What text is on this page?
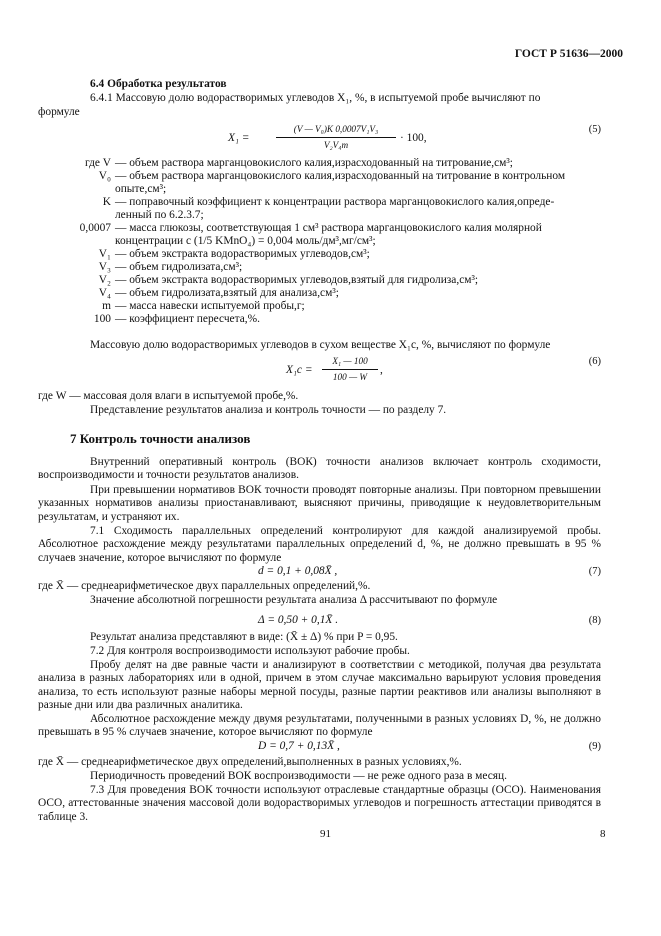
ГОСТ Р 51636—2000
6.4 Обработка результатов
6.4.1 Массовую долю водорастворимых углеводов X₁, %, в испытуемой пробе вычисляют по
формуле
X₁ =
(V — V₀)K 0,0007V₁V₃
V₂V₄m
· 100,
(5)
где V — объем раствора марганцовокислого калия,израсходованный на титрование,см³;
V₀ — объем раствора марганцовокислого калия,израсходованный на титрование в контрольном
опыте,см³;
K — поправочный коэффициент к концентрации раствора марганцовокислого калия,опреде-
ленный по 6.2.3.7;
0,0007 — масса глюкозы, соответствующая 1 см³ раствора марганцовокислого калия молярной
концентрации c (1/5 KMnO₄) = 0,004 моль/дм³,мг/см³;
V₁ — объем экстракта водорастворимых углеводов,см³;
V₃ — объем гидролизата,см³;
V₂ — объем экстракта водорастворимых углеводов,взятый для гидролиза,см³;
V₄ — объем гидролизата,взятый для анализа,см³;
m — масса навески испытуемой пробы,г;
100 — коэффициент пересчета,%.
Массовую долю водорастворимых углеводов в сухом веществе X₁с, %, вычисляют по формуле
X₁с =
X₁ — 100
100 — W
,
(6)
где W — массовая доля влаги в испытуемой пробе,%.
Представление результатов анализа и контроль точности — по разделу 7.
7 Контроль точности анализов
Внутренний оперативный контроль (ВОК) точности анализов включает контроль сходимости, воспроизводимости и точности результатов анализов.
При превышении нормативов ВОК точности проводят повторные анализы. При повторном превышении указанных нормативов анализы приостанавливают, выясняют причины, приводящие к неудовлетворительным результатам, и устраняют их.
7.1 Сходимость параллельных определений контролируют для каждой анализируемой пробы. Абсолютное расхождение между результатами параллельных определений d, %, не должно превышать в 95 % случаев значение, которое вычисляют по формуле
d = 0,1 + 0,08X̄ ,	(7)
где X̄ — среднеарифметическое двух параллельных определений,%.
Значение абсолютной погрешности результата анализа Δ рассчитывают по формуле
Δ = 0,50 + 0,1X̄ .	(8)
Результат анализа представляют в виде: (X̄ ± Δ) % при P = 0,95.
7.2 Для контроля воспроизводимости используют рабочие пробы.
Пробу делят на две равные части и анализируют в соответствии с методикой, получая два результата анализа в разных лабораториях или в одной, причем в этом случае максимально варьируют условия проведения анализа, то есть используют разные наборы мерной посуды, разные партии реактивов или анализы выполняют в разные дни или два различных аналитика.
Абсолютное расхождение между двумя результатами, полученными в разных условиях D, %, не должно превышать в 95 % случаев значение, которое вычисляют по формуле
D = 0,7 + 0,13X̄ ,	(9)
где X̄ — среднеарифметическое двух определений,выполненных в разных условиях,%.
Периодичность проведений ВОК воспроизводимости — не реже одного раза в месяц.
7.3 Для проведения ВОК точности используют отраслевые стандартные образцы (ОСО). Наименования ОСО, аттестованные значения массовой доли водорастворимых углеводов и погрешность аттестации приводятся в таблице 3.
91	8
